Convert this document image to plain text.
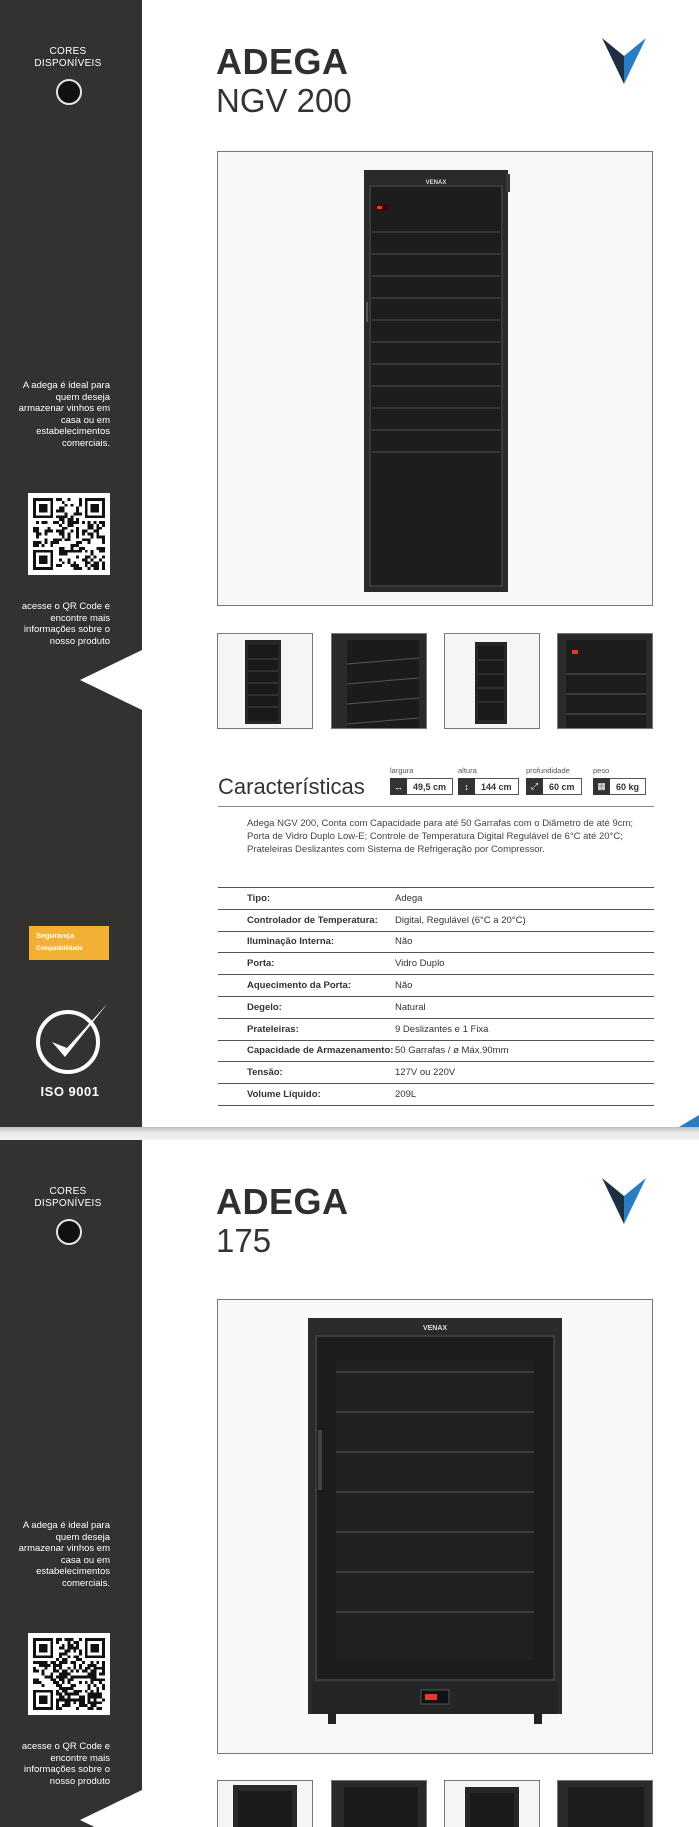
CORES
DISPONÍVEIS
A adega é ideal para quem deseja armazenar vinhos em casa ou em estabelecimentos comerciais.
acesse o QR Code e encontre mais informações sobre o nosso produto
Segurança
Compatibilidade
ISO 9001
ADEGA
NGV 200
VENAX
Características
largura
↔	49,5 cm
altura
↕	144 cm
profundidade
⤢	60 cm
peso
▦	60 kg
Adega NGV 200, Conta com Capacidade para até 50 Garrafas com o Diâmetro de até 9cm; Porta de Vidro Duplo Low-E; Controle de Temperatura Digital Regulável de 6°C até 20°C; Prateleiras Deslizantes com Sistema de Refrigeração por Compressor.
Tipo:	Adega
Controlador de Temperatura:	Digital, Regulável (6°C a 20°C)
Iluminação Interna:	Não
Porta:	Vidro Duplo
Aquecimento da Porta:	Não
Degelo:	Natural
Prateleiras:	9 Deslizantes e 1 Fixa
Capacidade de Armazenamento:	50 Garrafas / ø Máx.90mm
Tensão:	127V ou 220V
Volume Líquido:	209L
CORES
DISPONÍVEIS
A adega é ideal para quem deseja armazenar vinhos em casa ou em estabelecimentos comerciais.
acesse o QR Code e encontre mais informações sobre o nosso produto
ADEGA
175
VENAX
